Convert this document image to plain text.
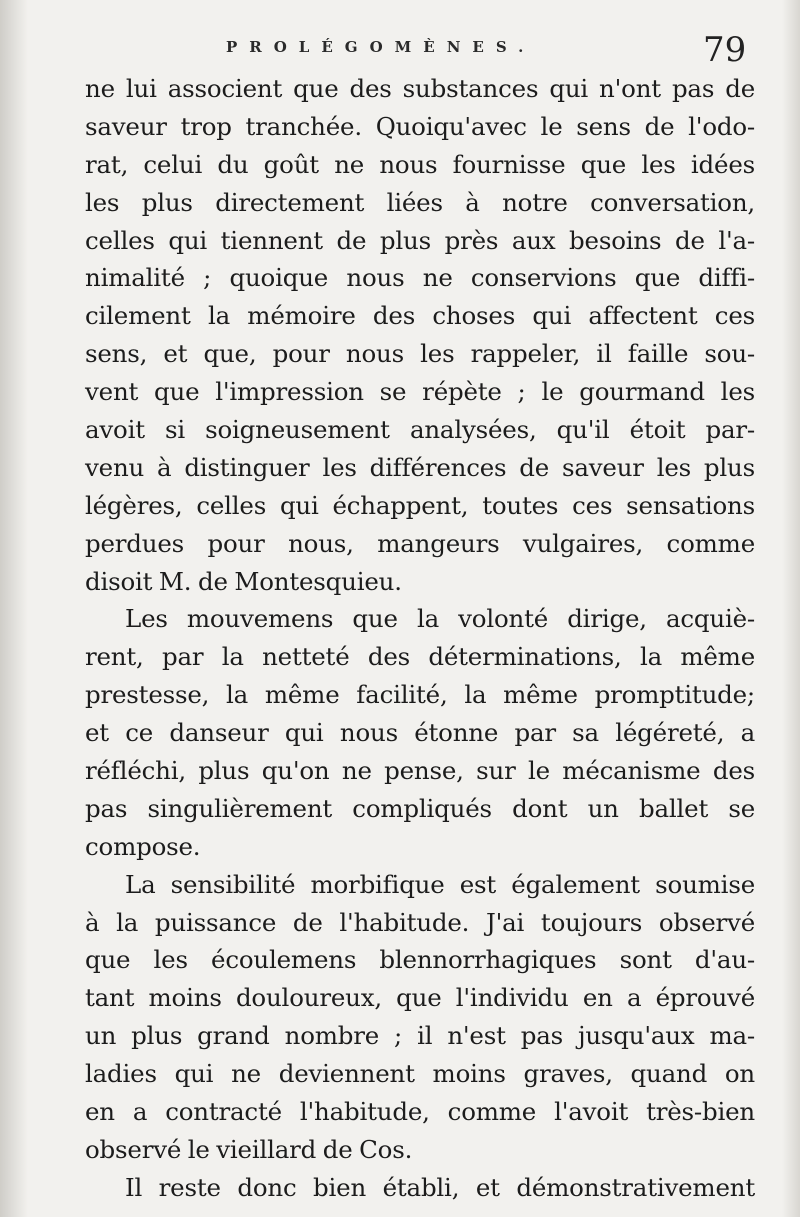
PROLÉGOMÈNES.	79
ne lui associent que des substances qui n'ont pas de
saveur trop tranchée. Quoiqu'avec le sens de l'odo-
rat, celui du goût ne nous fournisse que les idées
les plus directement liées à notre conversation,
celles qui tiennent de plus près aux besoins de l'a-
nimalité ; quoique nous ne conservions que diffi-
cilement la mémoire des choses qui affectent ces
sens, et que, pour nous les rappeler, il faille sou-
vent que l'impression se répète ; le gourmand les
avoit si soigneusement analysées, qu'il étoit par-
venu à distinguer les différences de saveur les plus
légères, celles qui échappent, toutes ces sensations
perdues pour nous, mangeurs vulgaires, comme
disoit M. de Montesquieu.
Les mouvemens que la volonté dirige, acquiè-
rent, par la netteté des déterminations, la même
prestesse, la même facilité, la même promptitude;
et ce danseur qui nous étonne par sa légéreté, a
réfléchi, plus qu'on ne pense, sur le mécanisme des
pas singulièrement compliqués dont un ballet se
compose.
La sensibilité morbifique est également soumise
à la puissance de l'habitude. J'ai toujours observé
que les écoulemens blennorrhagiques sont d'au-
tant moins douloureux, que l'individu en a éprouvé
un plus grand nombre ; il n'est pas jusqu'aux ma-
ladies qui ne deviennent moins graves, quand on
en a contracté l'habitude, comme l'avoit très-bien
observé le vieillard de Cos.
Il reste donc bien établi, et démonstrativement
